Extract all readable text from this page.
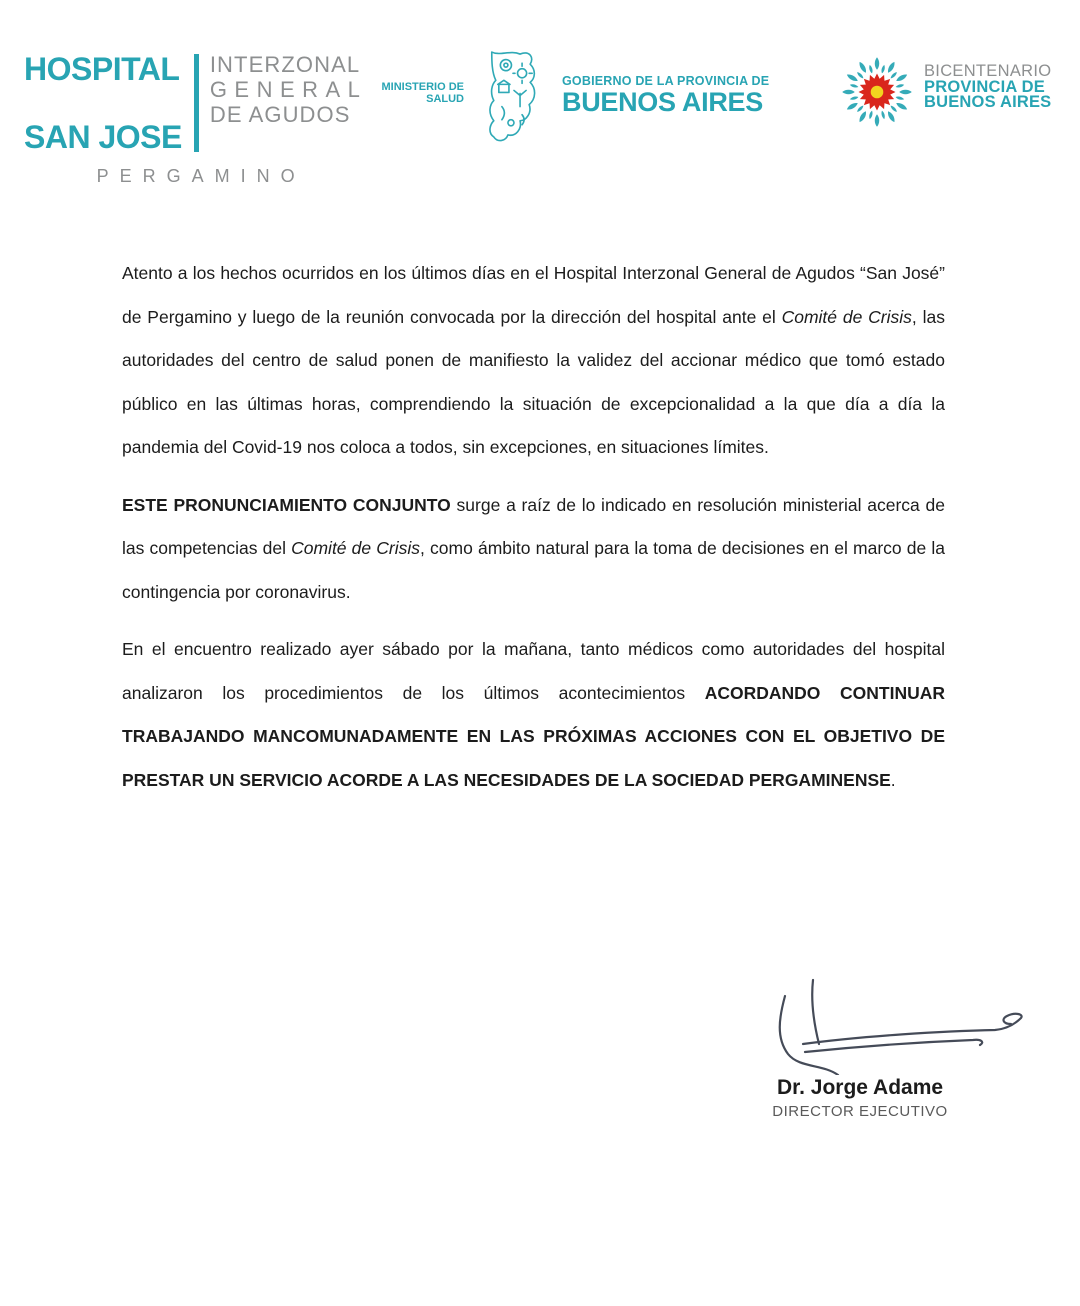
HOSPITAL

SAN JOSE
INTERZONAL
GENERAL
DE AGUDOS
PERGAMINO
MINISTERIO DE
SALUD
GOBIERNO DE LA PROVINCIA DE
BUENOS AIRES
BICENTENARIO
PROVINCIA DE
BUENOS AIRES

Atento a los hechos ocurridos en los últimos días en el Hospital Interzonal General de Agudos “San José” de Pergamino y luego de la reunión convocada por la dirección del hospital ante el Comité de Crisis, las autoridades del centro de salud ponen de manifiesto la validez del accionar médico que tomó estado público en las últimas horas, comprendiendo la situación de excepcionalidad a la que día a día la pandemia del Covid-19 nos coloca a todos, sin excepciones, en situaciones límites.

ESTE PRONUNCIAMIENTO CONJUNTO surge a raíz de lo indicado en resolución ministerial acerca de las competencias del Comité de Crisis, como ámbito natural para la toma de decisiones en el marco de la contingencia por coronavirus.

En el encuentro realizado ayer sábado por la mañana, tanto médicos como autoridades del hospital analizaron los procedimientos de los últimos acontecimientos ACORDANDO CONTINUAR TRABAJANDO MANCOMUNADAMENTE EN LAS PRÓXIMAS ACCIONES CON EL OBJETIVO DE PRESTAR UN SERVICIO ACORDE A LAS NECESIDADES DE LA SOCIEDAD PERGAMINENSE.

Dr. Jorge Adame
DIRECTOR EJECUTIVO
